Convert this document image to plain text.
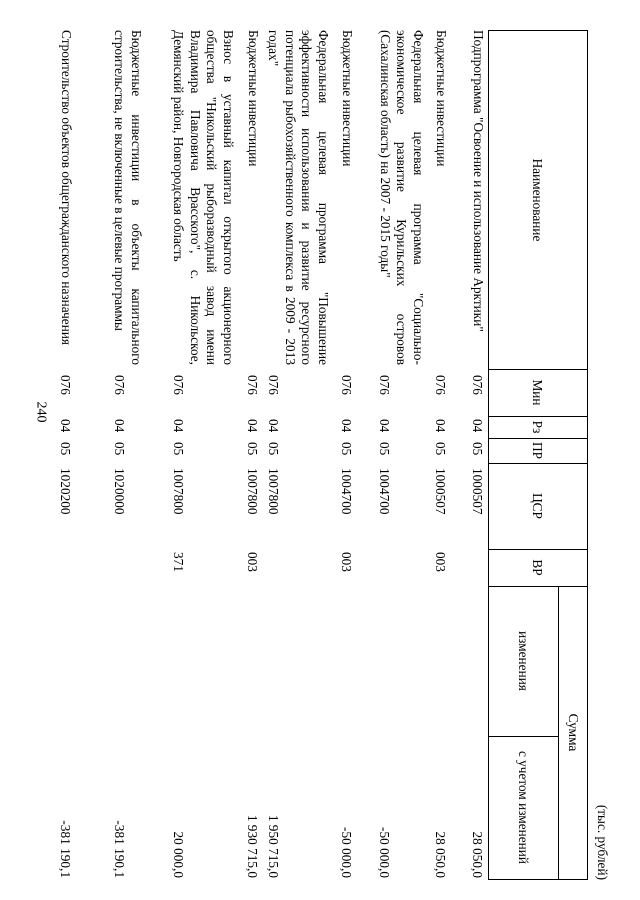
240
(тыс. рублей)
Наименование
Мин
Рз
ПР
ЦСР
ВР
Сумма
изменения
с учетом изменений
Подпрограмма "Освоение и использование Арктики"
076
04
05
1000507
28 050,0
Бюджетные инвестиции
076
04
05
1000507
003
28 050,0
Федеральная целевая программа "Социально-экономическое развитие Курильских островов (Сахалинская область) на 2007 - 2015 годы"
076
04
05
1004700
-50 000,0
Бюджетные инвестиции
076
04
05
1004700
003
-50 000,0
Федеральная целевая программа "Повышение эффективности использования и развитие ресурсного потенциала рыбохозяйственного комплекса в 2009 - 2013 годах"
076
04
05
1007800
1 950 715,0
Бюджетные инвестиции
076
04
05
1007800
003
1 930 715,0
Взнос в уставный капитал открытого акционерного общества "Никольский рыборазводный завод имени Владимира Павловича Врасского", с. Никольское, Демянский район, Новгородская область
076
04
05
1007800
371
20 000,0
Бюджетные инвестиции в объекты капитального строительства, не включенные в целевые программы
076
04
05
1020000
-381 190,1
Строительство объектов общегражданского назначения
076
04
05
1020200
-381 190,1
